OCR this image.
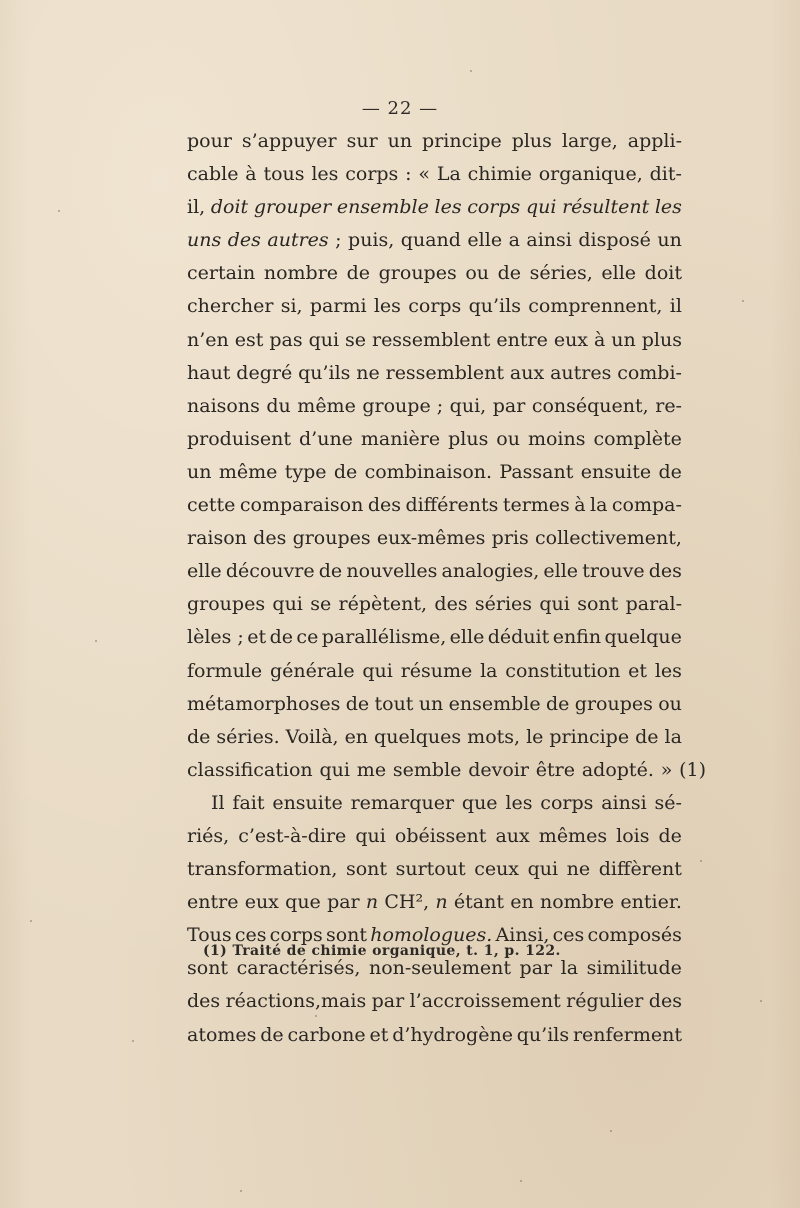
— 22 —
pour s’appuyer sur un principe plus large, appli-
cable à tous les corps : « La chimie organique, dit-
il, doit grouper ensemble les corps qui résultent les
uns des autres ; puis, quand elle a ainsi disposé un
certain nombre de groupes ou de séries, elle doit
chercher si, parmi les corps qu’ils comprennent, il
n’en est pas qui se ressemblent entre eux à un plus
haut degré qu’ils ne ressemblent aux autres combi-
naisons du même groupe ; qui, par conséquent, re-
produisent d’une manière plus ou moins complète
un même type de combinaison. Passant ensuite de
cette comparaison des différents termes à la compa-
raison des groupes eux-mêmes pris collectivement,
elle découvre de nouvelles analogies, elle trouve des
groupes qui se répètent, des séries qui sont paral-
lèles ; et de ce parallélisme, elle déduit enfin quelque
formule générale qui résume la constitution et les
métamorphoses de tout un ensemble de groupes ou
de séries. Voilà, en quelques mots, le principe de la
classification qui me semble devoir être adopté. » (1)
Il fait ensuite remarquer que les corps ainsi sé-
riés, c’est-à-dire qui obéissent aux mêmes lois de
transformation, sont surtout ceux qui ne diffèrent
entre eux que par n CH², n étant en nombre entier.
Tous ces corps sont homologues. Ainsi, ces composés
sont caractérisés, non-seulement par la similitude
des réactions,mais par l’accroissement régulier des
atomes de carbone et d’hydrogène qu’ils renferment
(1) Traité de chimie organique, t. 1, p. 122.
